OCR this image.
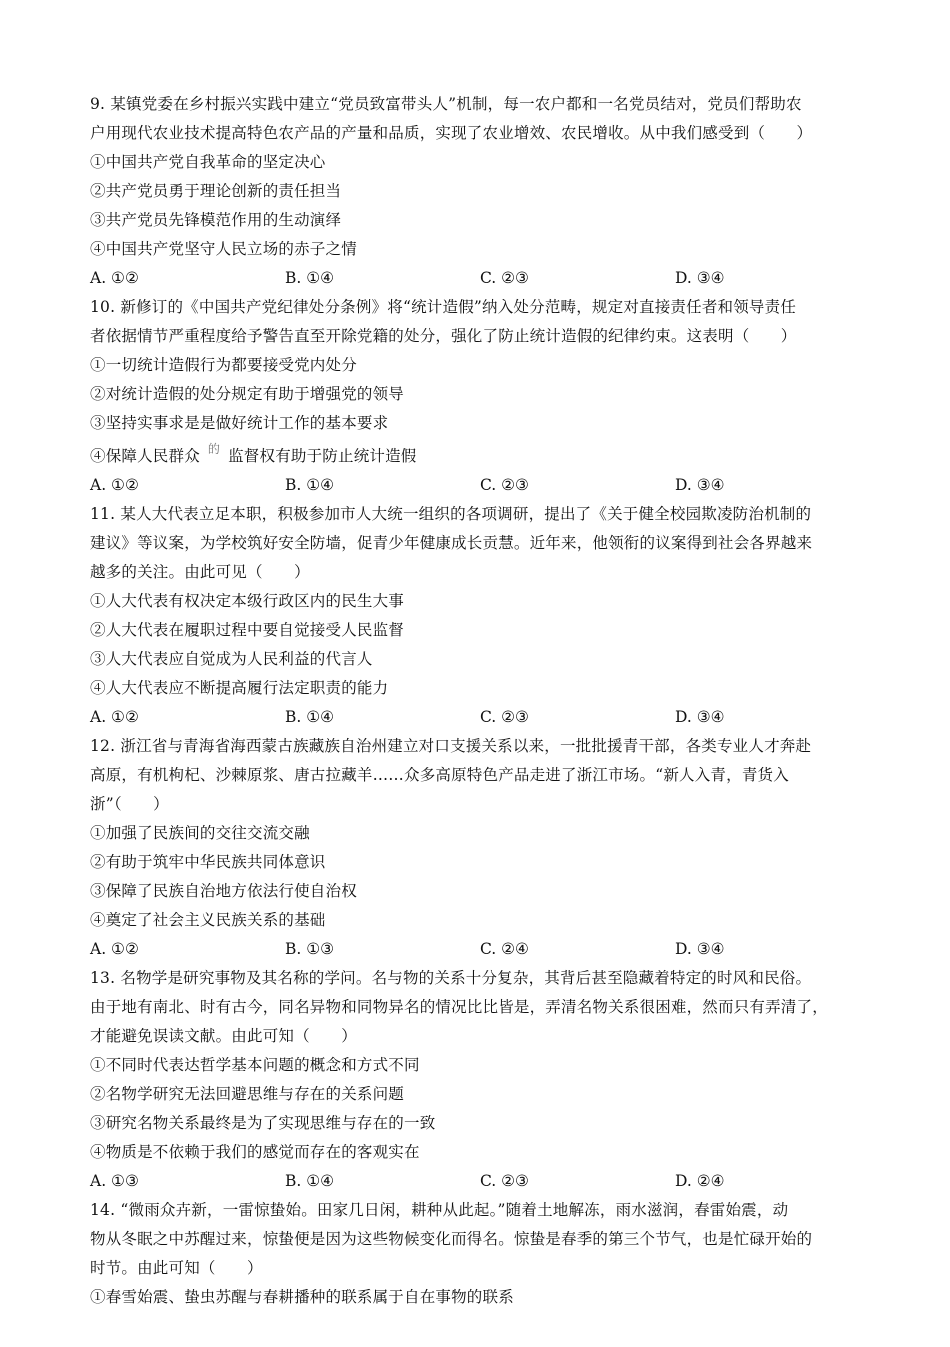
9. 某镇党委在乡村振兴实践中建立“党员致富带头人”机制，每一农户都和一名党员结对，党员们帮助农
户用现代农业技术提高特色农产品的产量和品质，实现了农业增效、农民增收。从中我们感受到（　　）
①中国共产党自我革命的坚定决心
②共产党员勇于理论创新的责任担当
③共产党员先锋模范作用的生动演绎
④中国共产党坚守人民立场的赤子之情
A. ①②	B. ①④	C. ②③	D. ③④
10. 新修订的《中国共产党纪律处分条例》将“统计造假”纳入处分范畴，规定对直接责任者和领导责任
者依据情节严重程度给予警告直至开除党籍的处分，强化了防止统计造假的纪律约束。这表明（　　）
①一切统计造假行为都要接受党内处分
②对统计造假的处分规定有助于增强党的领导
③坚持实事求是是做好统计工作的基本要求
④保障人民群众 $^的$ 监督权有助于防止统计造假
A. ①②	B. ①④	C. ②③	D. ③④
11. 某人大代表立足本职，积极参加市人大统一组织的各项调研，提出了《关于健全校园欺凌防治机制的
建议》等议案，为学校筑好安全防墙，促青少年健康成长贡慧。近年来，他领衔的议案得到社会各界越来
越多的关注。由此可见（　　）
①人大代表有权决定本级行政区内的民生大事
②人大代表在履职过程中要自觉接受人民监督
③人大代表应自觉成为人民利益的代言人
④人大代表应不断提高履行法定职责的能力
A. ①②	B. ①④	C. ②③	D. ③④
12. 浙江省与青海省海西蒙古族藏族自治州建立对口支援关系以来，一批批援青干部，各类专业人才奔赴
高原，有机枸杞、沙棘原浆、唐古拉藏羊……众多高原特色产品走进了浙江市场。“新人入青，青货入
浙”（　　）
①加强了民族间的交往交流交融
②有助于筑牢中华民族共同体意识
③保障了民族自治地方依法行使自治权
④奠定了社会主义民族关系的基础
A. ①②	B. ①③	C. ②④	D. ③④
13. 名物学是研究事物及其名称的学问。名与物的关系十分复杂，其背后甚至隐藏着特定的时风和民俗。
由于地有南北、时有古今，同名异物和同物异名的情况比比皆是，弄清名物关系很困难，然而只有弄清了，
才能避免误读文献。由此可知（　　）
①不同时代表达哲学基本问题的概念和方式不同
②名物学研究无法回避思维与存在的关系问题
③研究名物关系最终是为了实现思维与存在的一致
④物质是不依赖于我们的感觉而存在的客观实在
A. ①③	B. ①④	C. ②③	D. ②④
14. “微雨众卉新，一雷惊蛰始。田家几日闲，耕种从此起。”随着土地解冻，雨水滋润，春雷始震，动
物从冬眠之中苏醒过来，惊蛰便是因为这些物候变化而得名。惊蛰是春季的第三个节气，也是忙碌开始的
时节。由此可知（　　）
①春雪始震、蛰虫苏醒与春耕播种的联系属于自在事物的联系
